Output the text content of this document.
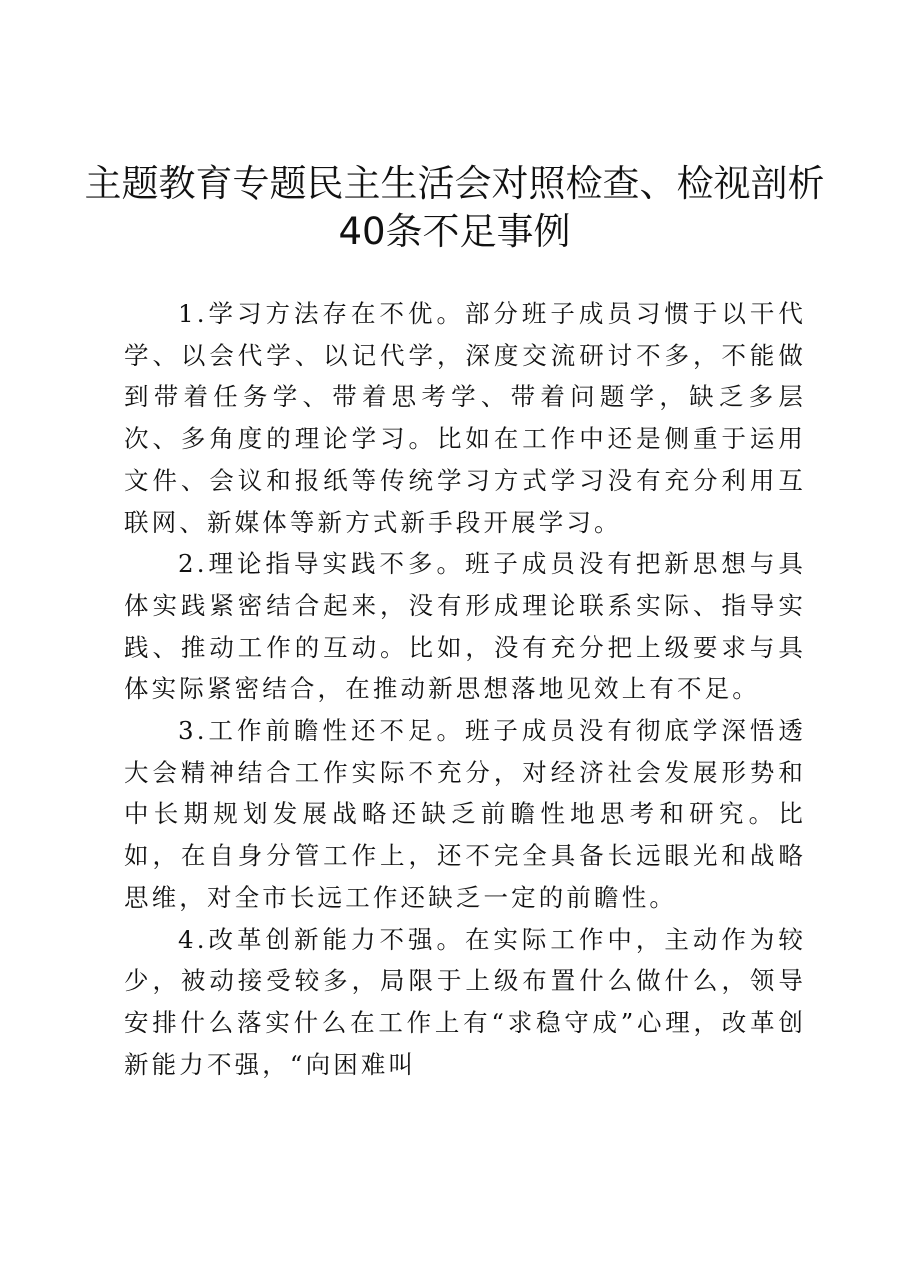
主题教育专题民主生活会对照检查、检视剖析
40条不足事例

1.学习方法存在不优。部分班子成员习惯于以干代学、以会代学、以记代学，深度交流研讨不多，不能做到带着任务学、带着思考学、带着问题学，缺乏多层次、多角度的理论学习。比如在工作中还是侧重于运用文件、会议和报纸等传统学习方式学习没有充分利用互联网、新媒体等新方式新手段开展学习。

2.理论指导实践不多。班子成员没有把新思想与具体实践紧密结合起来，没有形成理论联系实际、指导实践、推动工作的互动。比如，没有充分把上级要求与具体实际紧密结合，在推动新思想落地见效上有不足。

3.工作前瞻性还不足。班子成员没有彻底学深悟透大会精神结合工作实际不充分，对经济社会发展形势和中长期规划发展战略还缺乏前瞻性地思考和研究。比如，在自身分管工作上，还不完全具备长远眼光和战略思维，对全市长远工作还缺乏一定的前瞻性。

4.改革创新能力不强。在实际工作中，主动作为较少，被动接受较多，局限于上级布置什么做什么，领导安排什么落实什么在工作上有“求稳守成”心理，改革创新能力不强，“向困难叫
